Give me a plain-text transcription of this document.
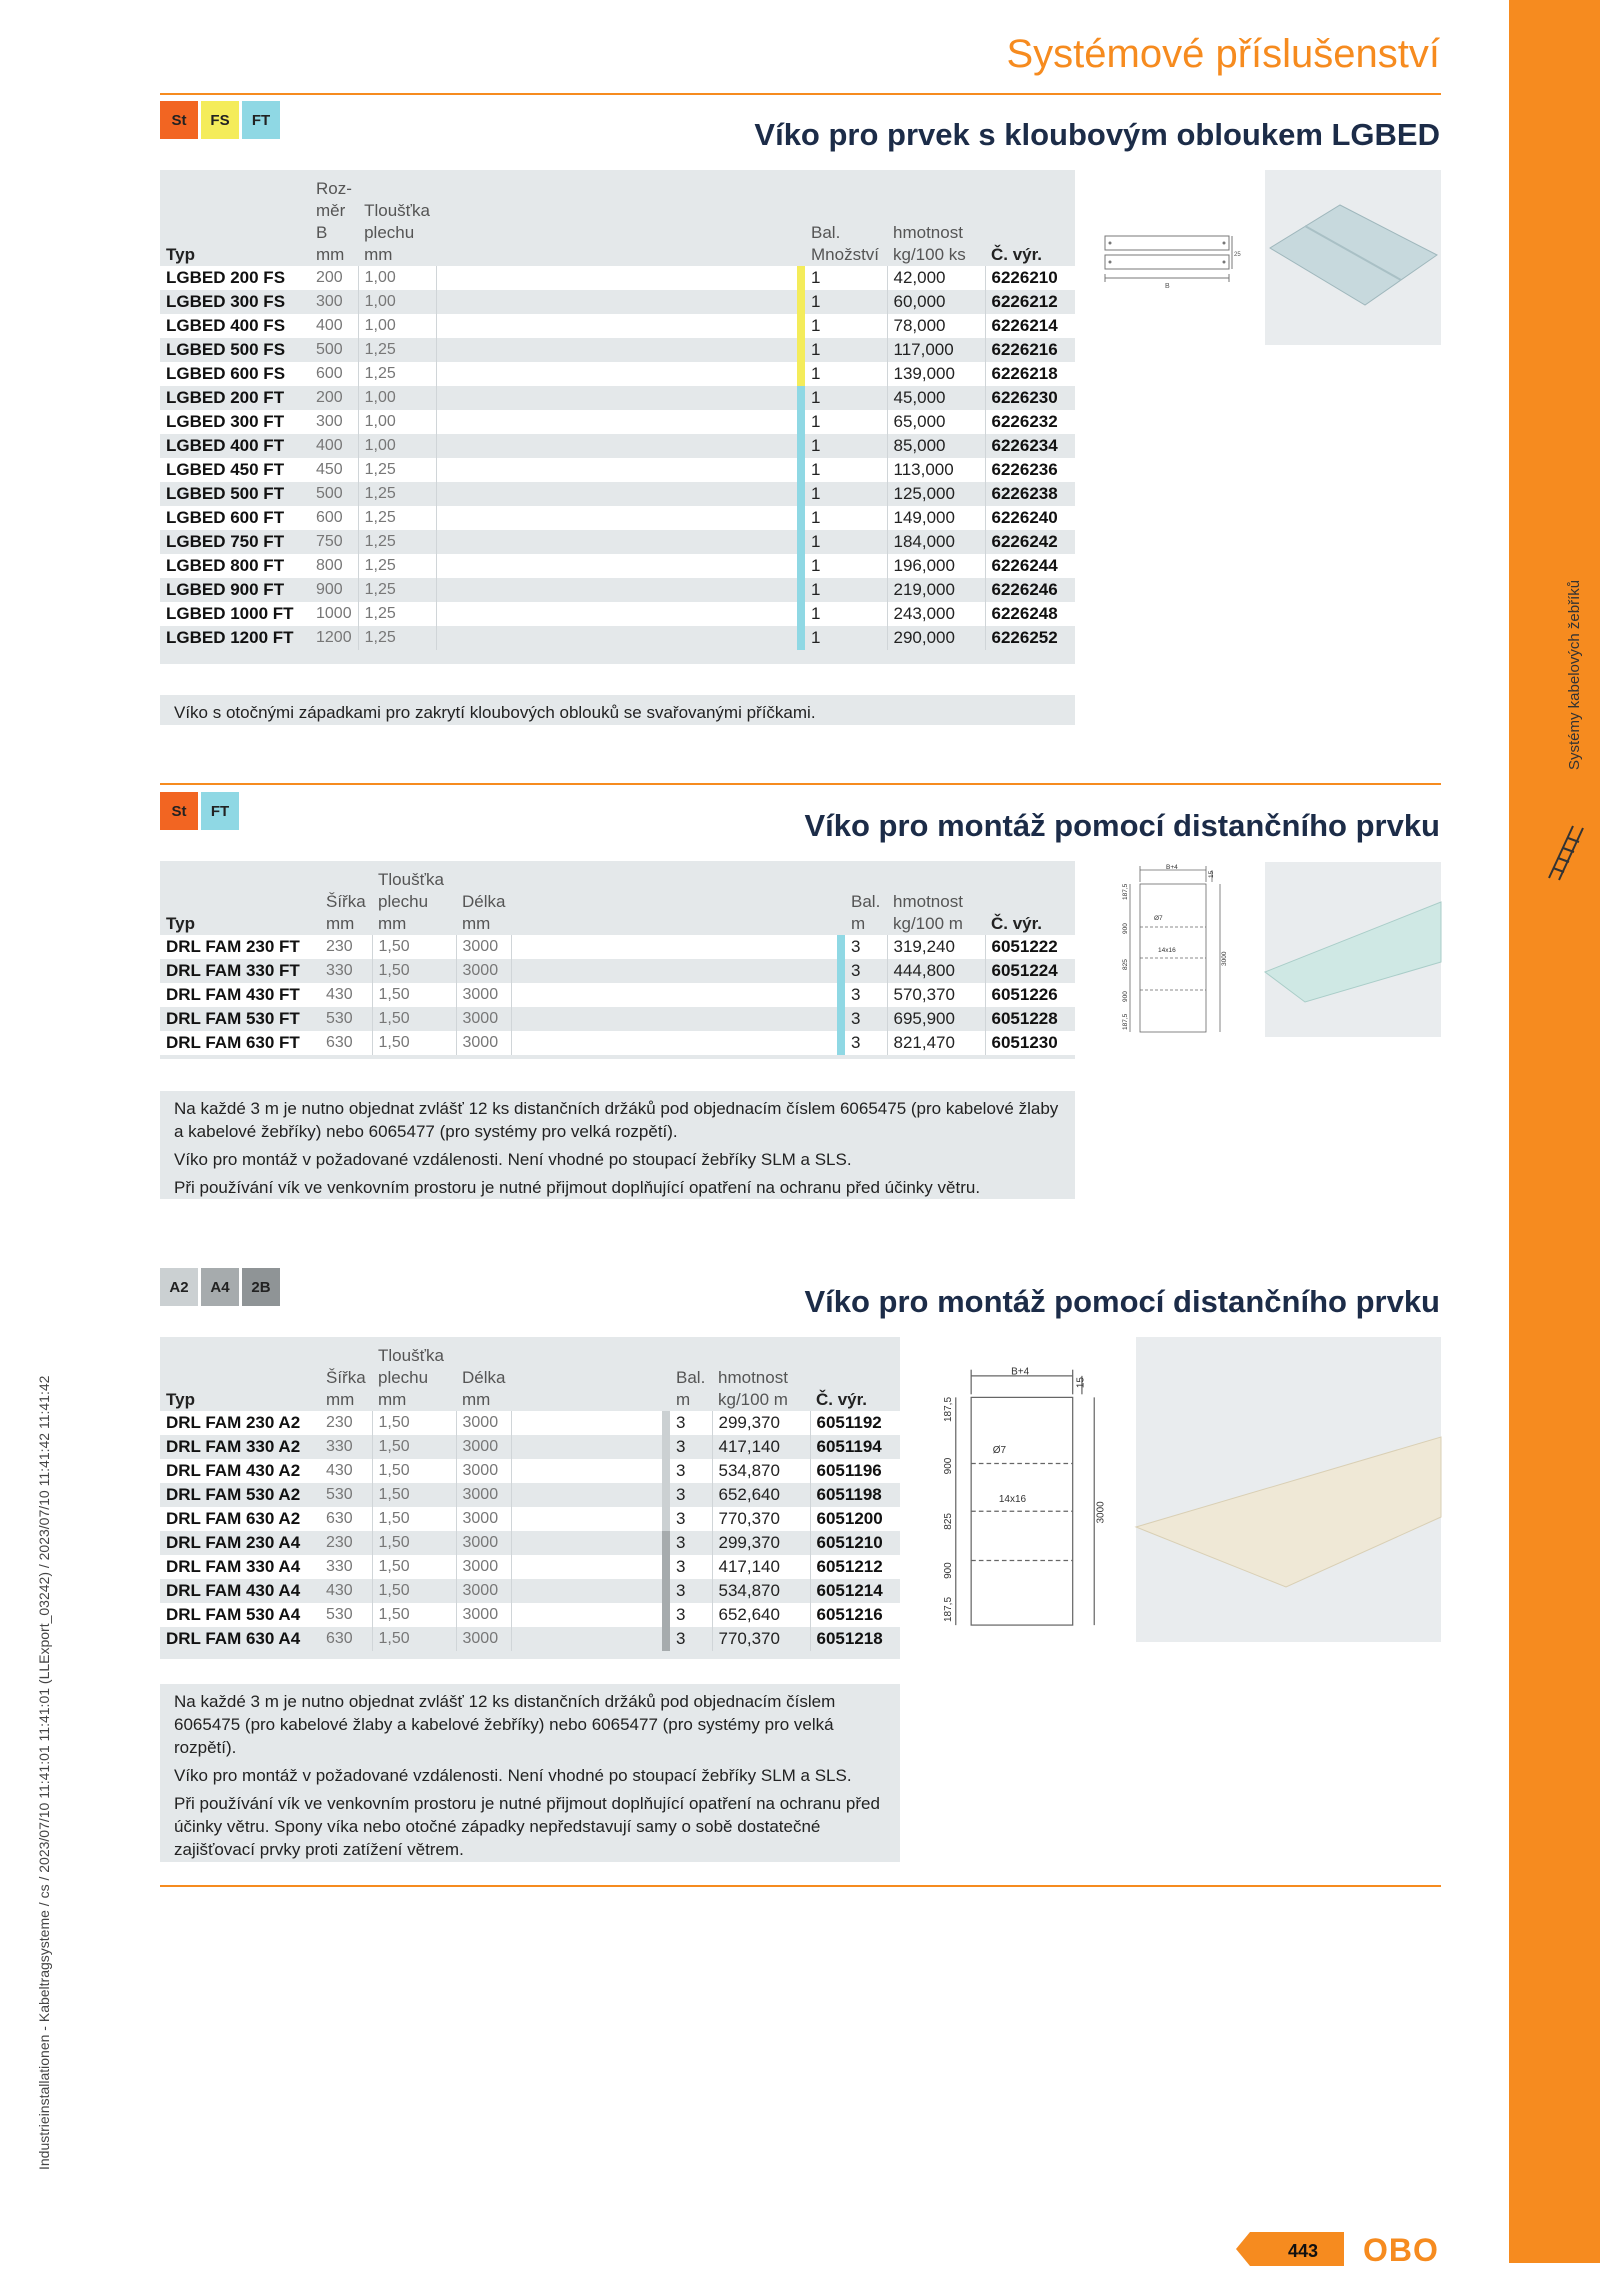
Systémy kabelových žebříků
Industrieinstallationen - Kabeltragsysteme / cs / 2023/07/10 11:41:01 11:41:01 (LLExport_03242) / 2023/07/10 11:41:42 11:41:42
Systémové příslušenství
St	FS	FT	Víko pro prvek s kloubovým obloukem LGBED
Typ	Roz-
měr
B
mm	Tloušťka
plechu
mm			Bal.
Množství	hmotnost
kg/100 ks	Č. výr.
LGBED 200 FS	200	1,00			1	42,000	6226210
LGBED 300 FS	300	1,00			1	60,000	6226212
LGBED 400 FS	400	1,00			1	78,000	6226214
LGBED 500 FS	500	1,25			1	117,000	6226216
LGBED 600 FS	600	1,25			1	139,000	6226218
LGBED 200 FT	200	1,00			1	45,000	6226230
LGBED 300 FT	300	1,00			1	65,000	6226232
LGBED 400 FT	400	1,00			1	85,000	6226234
LGBED 450 FT	450	1,25			1	113,000	6226236
LGBED 500 FT	500	1,25			1	125,000	6226238
LGBED 600 FT	600	1,25			1	149,000	6226240
LGBED 750 FT	750	1,25			1	184,000	6226242
LGBED 800 FT	800	1,25			1	196,000	6226244
LGBED 900 FT	900	1,25			1	219,000	6226246
LGBED 1000 FT	1000	1,25			1	243,000	6226248
LGBED 1200 FT	1200	1,25			1	290,000	6226252

Víko s otočnými západkami pro zakrytí kloubových oblouků se svařovanými příčkami.

B
25
St	FT	Víko pro montáž pomocí distančního prvku
Typ	Šířka
mm	Tloušťka
plechu
mm	Délka
mm			Bal.
m	hmotnost
kg/100 m	Č. výr.
DRL FAM 230 FT	230	1,50	3000			3	319,240	6051222
DRL FAM 330 FT	330	1,50	3000			3	444,800	6051224
DRL FAM 430 FT	430	1,50	3000			3	570,370	6051226
DRL FAM 530 FT	530	1,50	3000			3	695,900	6051228
DRL FAM 630 FT	630	1,50	3000			3	821,470	6051230

Na každé 3 m je nutno objednat zvlášť 12 ks distančních držáků pod objednacím číslem 6065475 (pro kabelové žlaby a kabelové žebříky) nebo 6065477 (pro systémy pro velká rozpětí).

Víko pro montáž v požadované vzdálenosti. Není vhodné po stoupací žebříky SLM a SLS.

Při používání vík ve venkovním prostoru je nutné přijmout doplňující opatření na ochranu před účinky větru.

B+4
15
187,5
900
825
900
187,5
3000
Ø7
14x16
A2	A4	2B	Víko pro montáž pomocí distančního prvku
Typ	Šířka
mm	Tloušťka
plechu
mm	Délka
mm			Bal.
m	hmotnost
kg/100 m	Č. výr.
DRL FAM 230 A2	230	1,50	3000			3	299,370	6051192
DRL FAM 330 A2	330	1,50	3000			3	417,140	6051194
DRL FAM 430 A2	430	1,50	3000			3	534,870	6051196
DRL FAM 530 A2	530	1,50	3000			3	652,640	6051198
DRL FAM 630 A2	630	1,50	3000			3	770,370	6051200
DRL FAM 230 A4	230	1,50	3000			3	299,370	6051210
DRL FAM 330 A4	330	1,50	3000			3	417,140	6051212
DRL FAM 430 A4	430	1,50	3000			3	534,870	6051214
DRL FAM 530 A4	530	1,50	3000			3	652,640	6051216
DRL FAM 630 A4	630	1,50	3000			3	770,370	6051218

Na každé 3 m je nutno objednat zvlášť 12 ks distančních držáků pod objednacím číslem 6065475 (pro kabelové žlaby a kabelové žebříky) nebo 6065477 (pro systémy pro velká rozpětí).

Víko pro montáž v požadované vzdálenosti. Není vhodné po stoupací žebříky SLM a SLS.

Při používání vík ve venkovním prostoru je nutné přijmout doplňující opatření na ochranu před účinky větru. Spony víka nebo otočné západky nepředstavují samy o sobě dostatečné zajišťovací prvky proti zatížení větrem.

B+4
15
187,5
900
825
900
187,5
3000
Ø7
14x16
443 OBO
